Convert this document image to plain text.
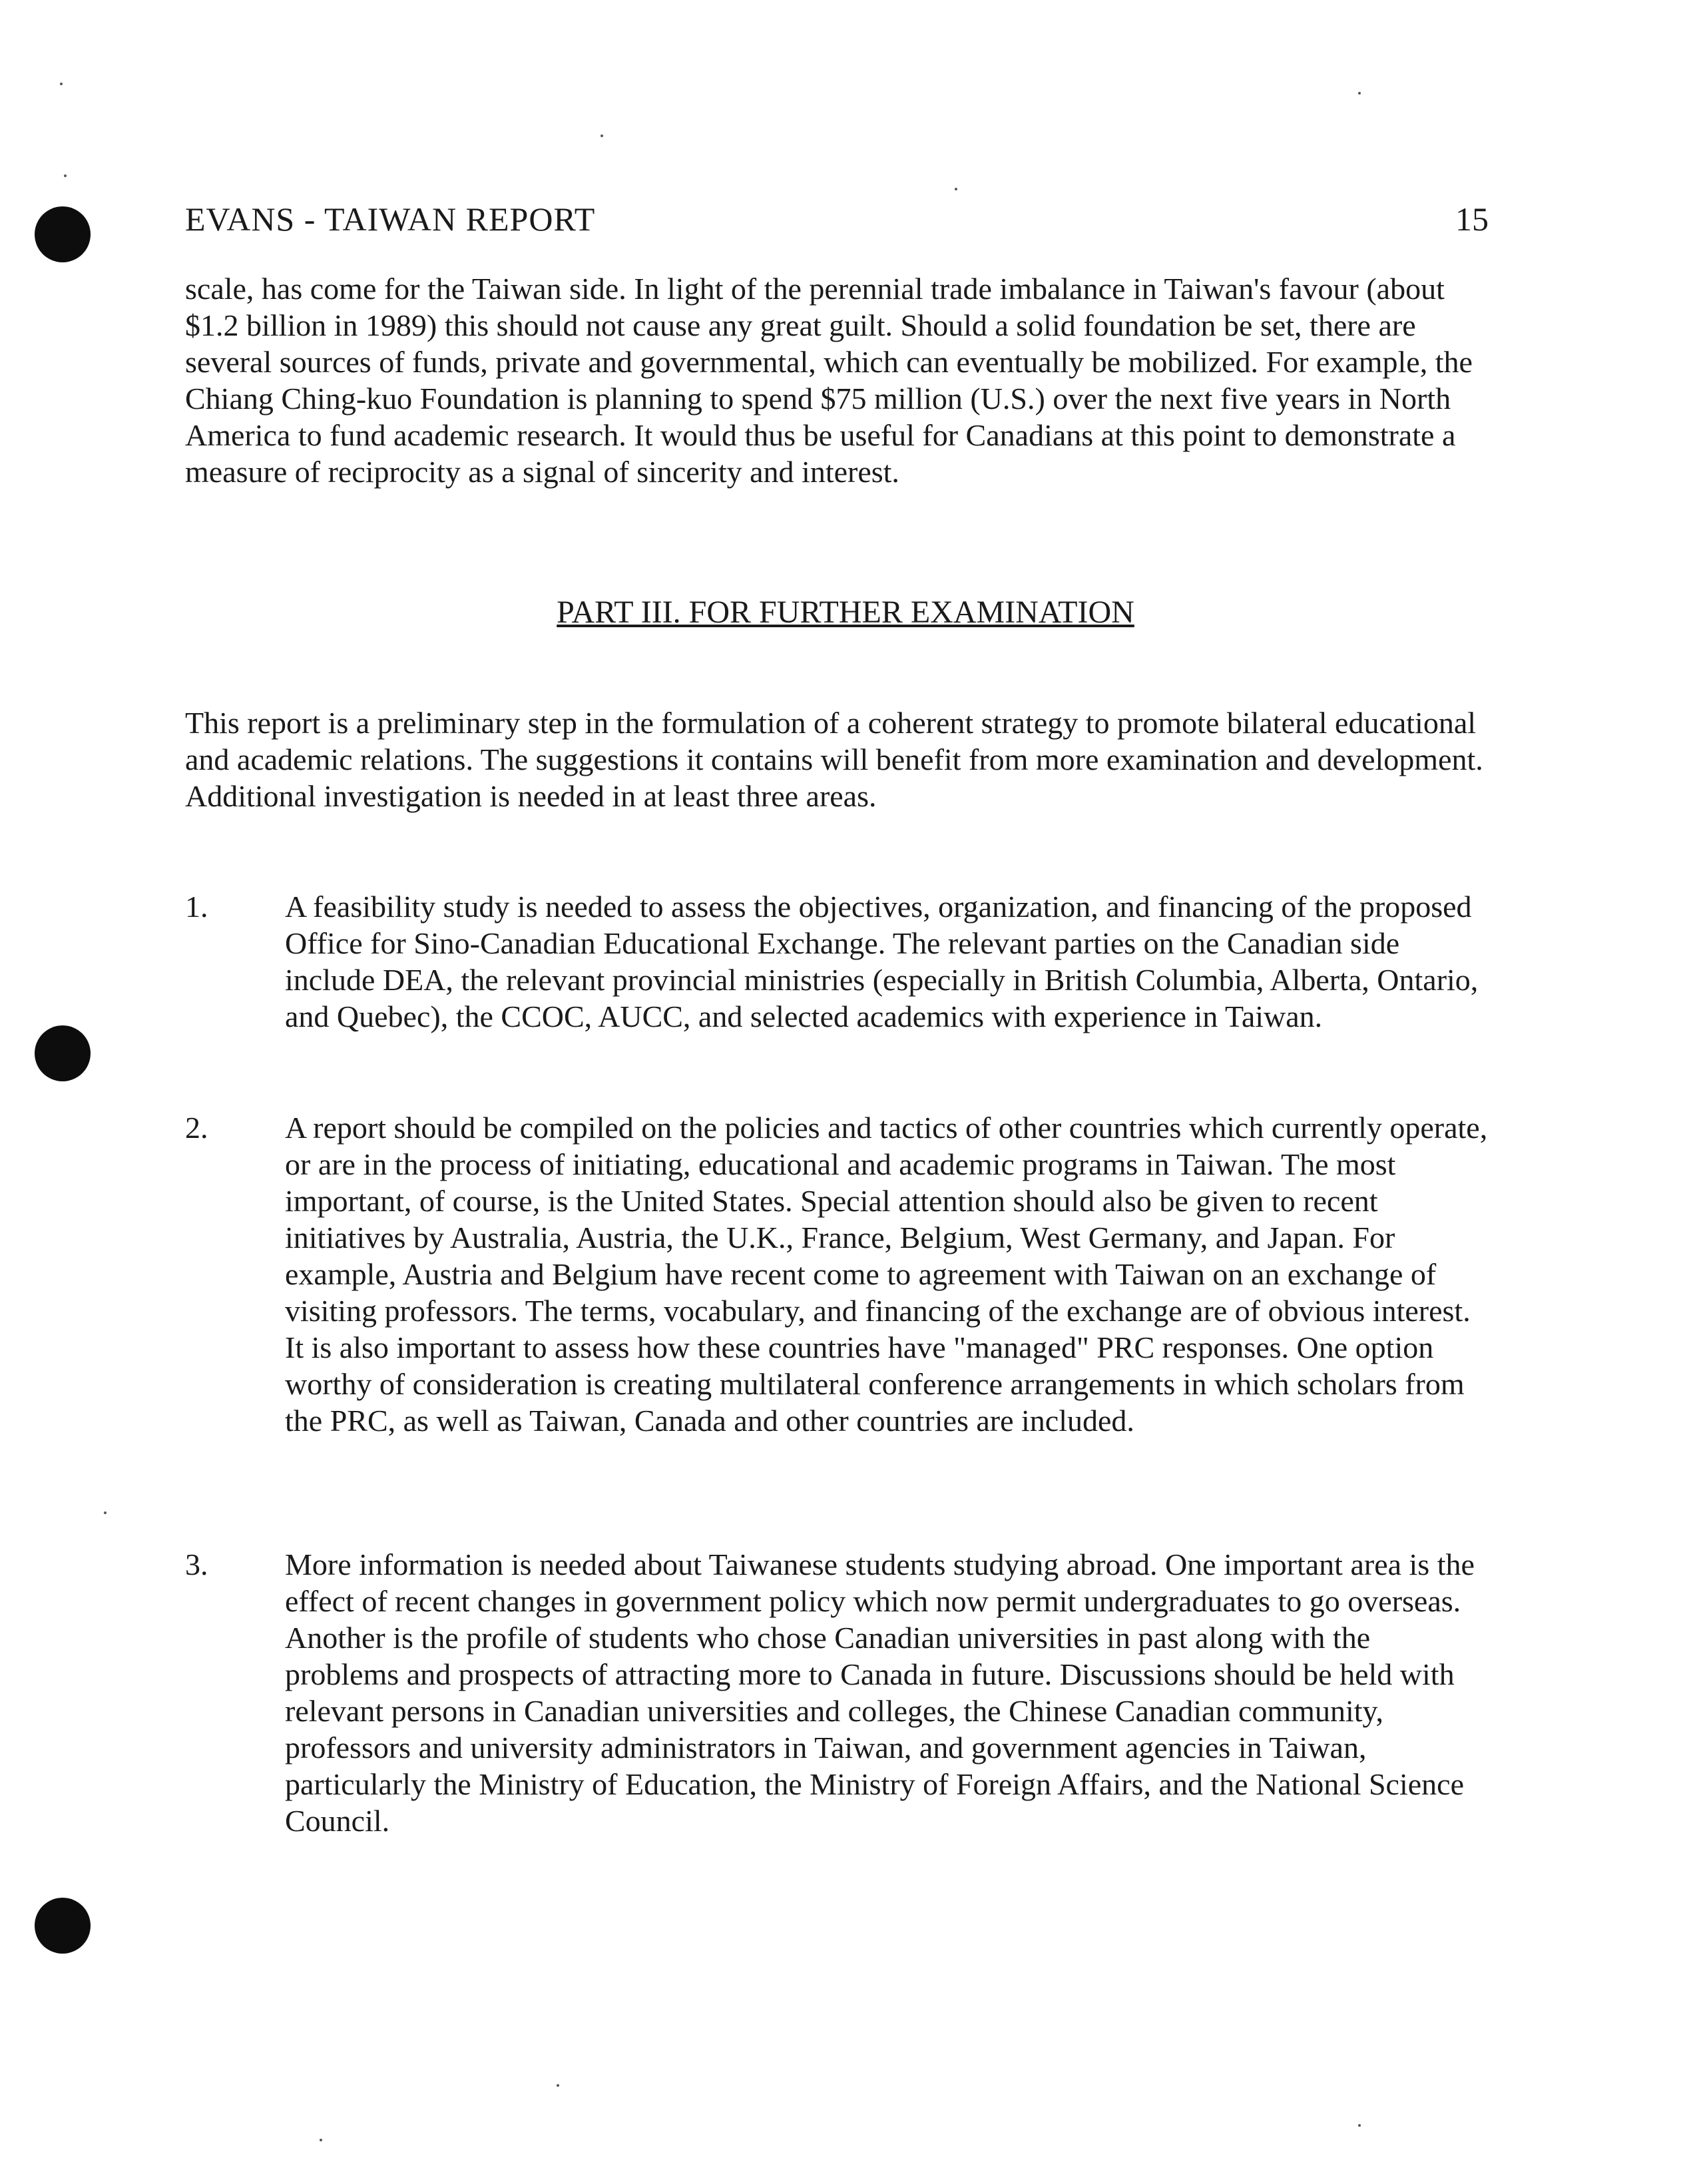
EVANS - TAIWAN REPORT	15

scale, has come for the Taiwan side. In light of the perennial trade imbalance in Taiwan's favour (about $1.2 billion in 1989) this should not cause any great guilt. Should a solid foundation be set, there are several sources of funds, private and governmental, which can eventually be mobilized. For example, the Chiang Ching-kuo Foundation is planning to spend $75 million (U.S.) over the next five years in North America to fund academic research. It would thus be useful for Canadians at this point to demonstrate a measure of reciprocity as a signal of sincerity and interest.

PART III. FOR FURTHER EXAMINATION

This report is a preliminary step in the formulation of a coherent strategy to promote bilateral educational and academic relations. The suggestions it contains will benefit from more examination and development. Additional investigation is needed in at least three areas.

1.	A feasibility study is needed to assess the objectives, organization, and financing of the proposed Office for Sino-Canadian Educational Exchange. The relevant parties on the Canadian side include DEA, the relevant provincial ministries (especially in British Columbia, Alberta, Ontario, and Quebec), the CCOC, AUCC, and selected academics with experience in Taiwan.

2.	A report should be compiled on the policies and tactics of other countries which currently operate, or are in the process of initiating, educational and academic programs in Taiwan. The most important, of course, is the United States. Special attention should also be given to recent initiatives by Australia, Austria, the U.K., France, Belgium, West Germany, and Japan. For example, Austria and Belgium have recent come to agreement with Taiwan on an exchange of visiting professors. The terms, vocabulary, and financing of the exchange are of obvious interest. It is also important to assess how these countries have "managed" PRC responses. One option worthy of consideration is creating multilateral conference arrangements in which scholars from the PRC, as well as Taiwan, Canada and other countries are included.

3.	More information is needed about Taiwanese students studying abroad. One important area is the effect of recent changes in government policy which now permit undergraduates to go overseas. Another is the profile of students who chose Canadian universities in past along with the problems and prospects of attracting more to Canada in future. Discussions should be held with relevant persons in Canadian universities and colleges, the Chinese Canadian community, professors and university administrators in Taiwan, and government agencies in Taiwan, particularly the Ministry of Education, the Ministry of Foreign Affairs, and the National Science Council.
